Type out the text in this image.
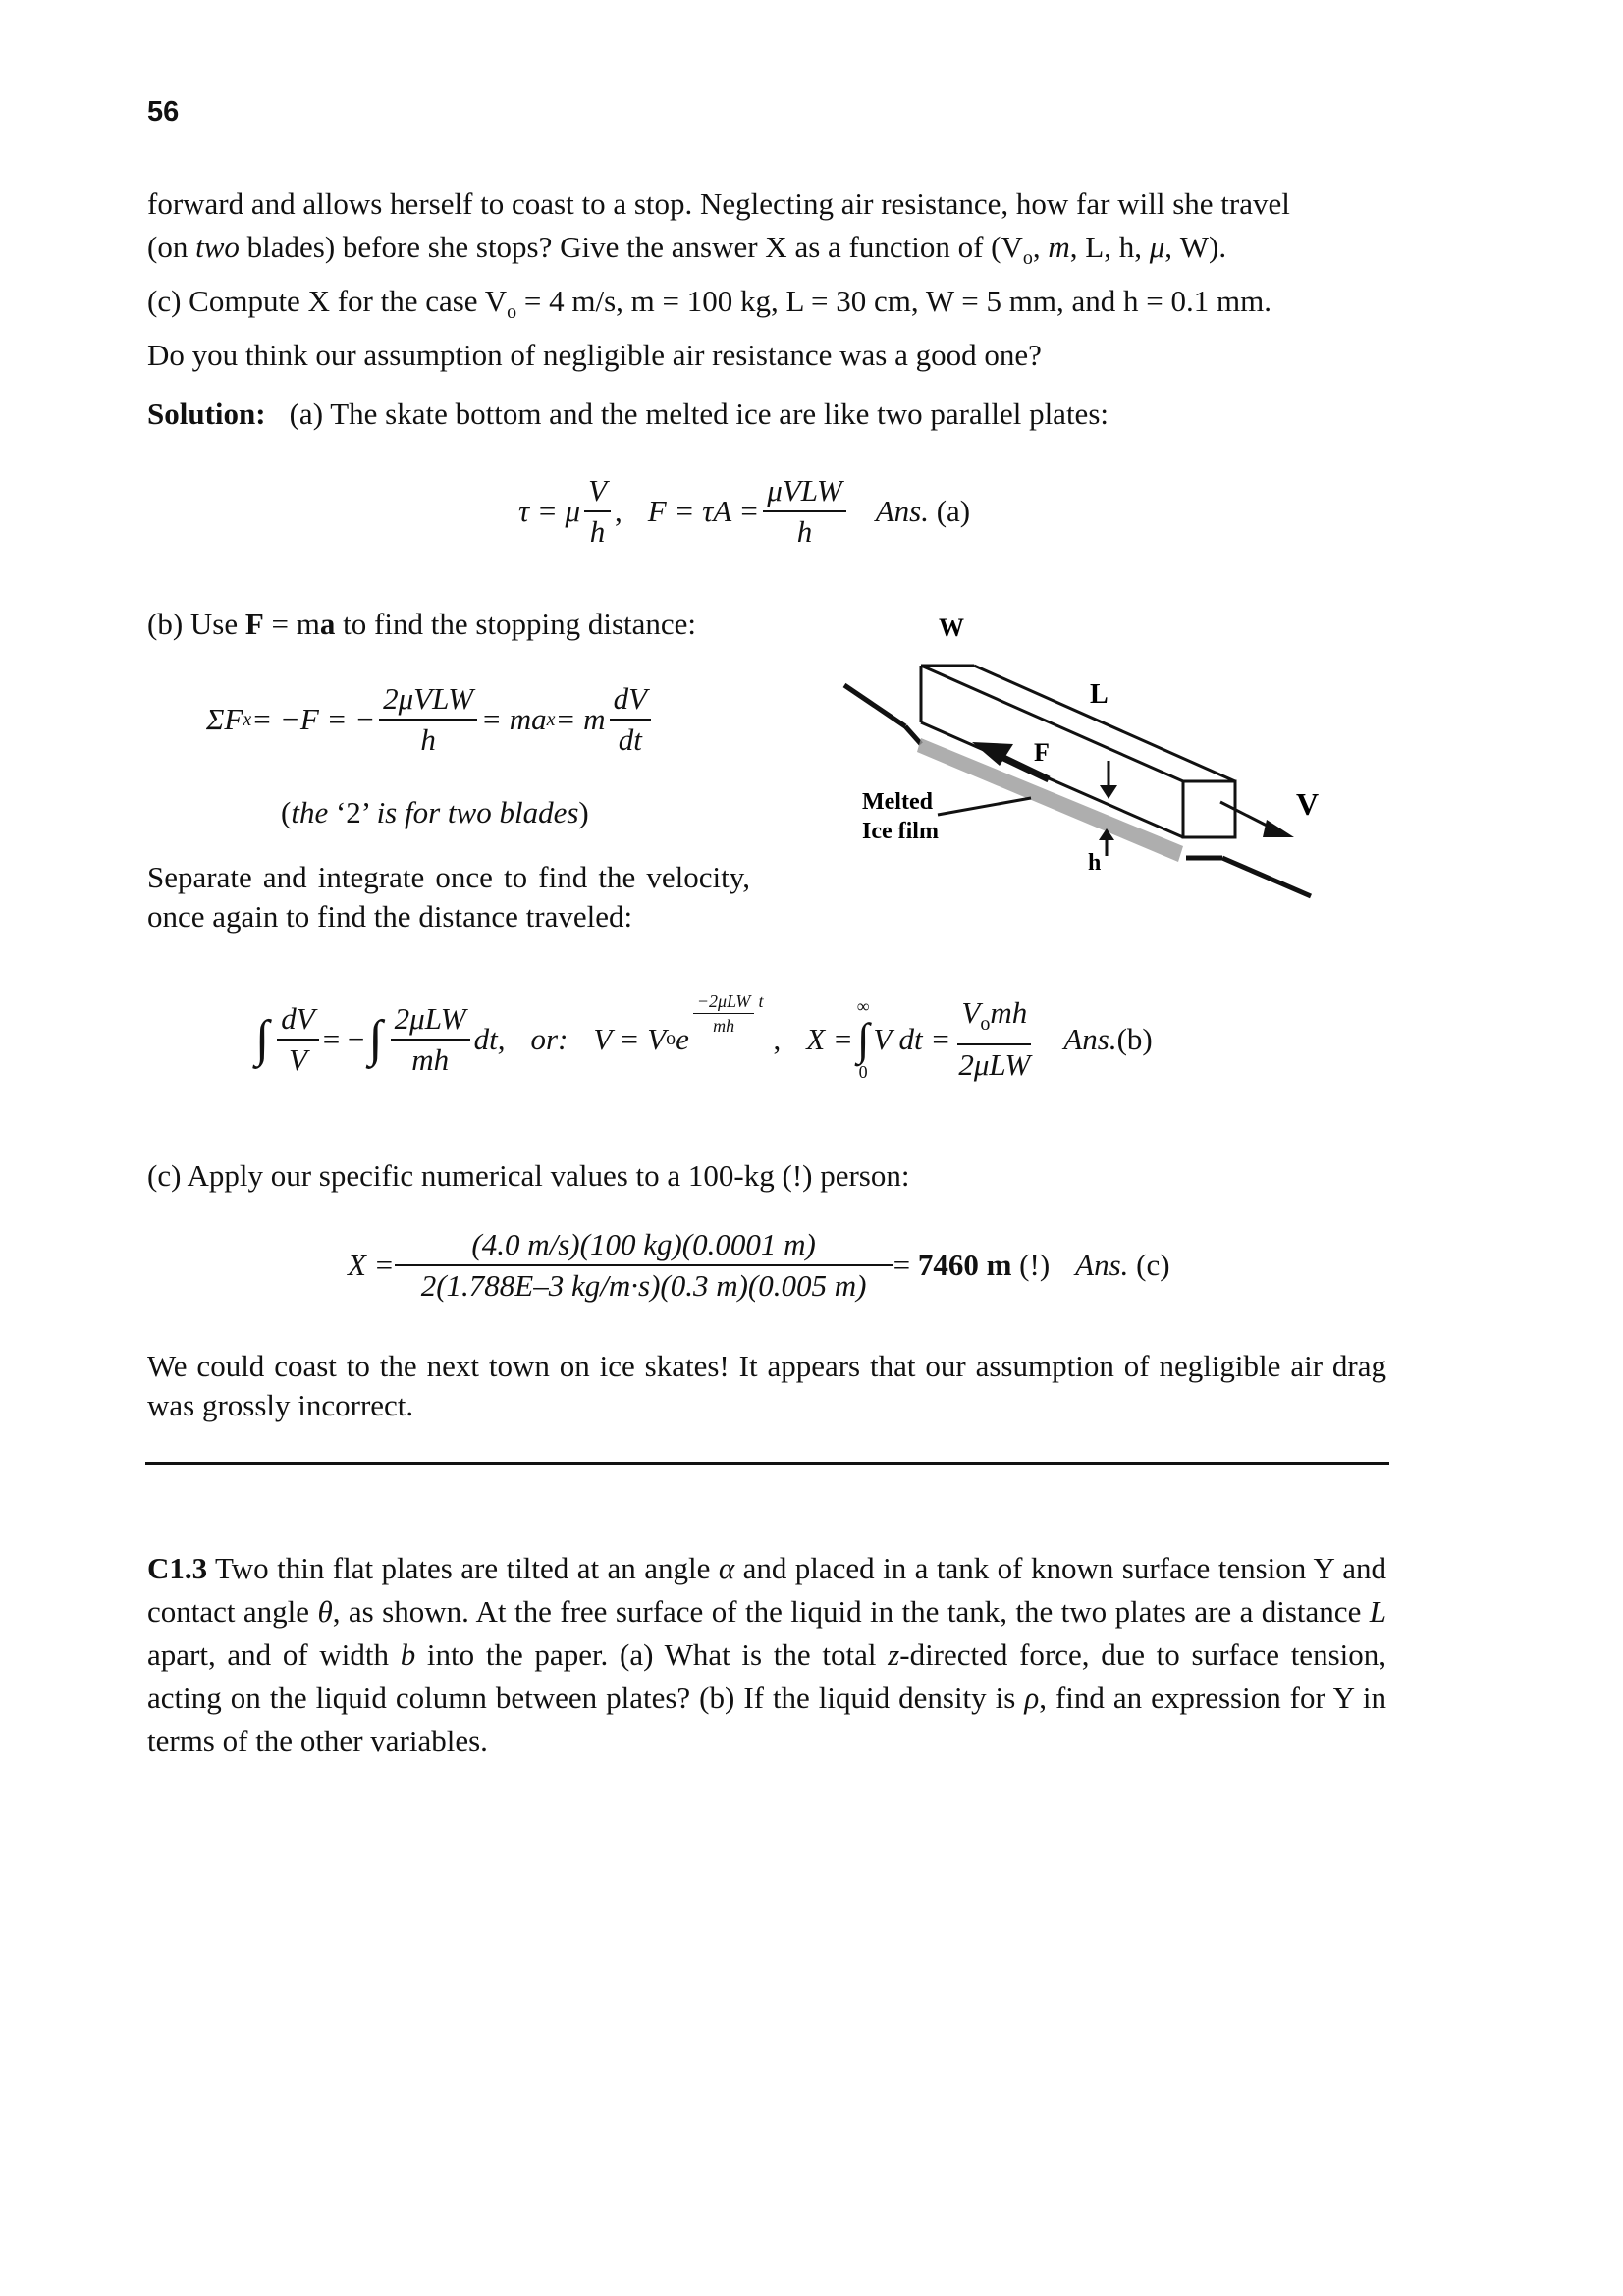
56

forward and allows herself to coast to a stop. Neglecting air resistance, how far will she travel

(on two blades) before she stops? Give the answer X as a function of ($V_o$, m, L, h, μ, W).

(c) Compute X for the case $V_o = 4$ m/s, m = 100 kg, L = 30 cm, W = 5 mm, and h = 0.1 mm.

Do you think our assumption of negligible air resistance was a good one?

Solution: (a) The skate bottom and the melted ice are like two parallel plates:
τ = μ $\frac{V}{h}$ , $F = \tau A = \frac{\text{μVLW}}{h}$ Ans.
(a)
(b) Use F = ma to find the stopping distance:
ΣF x = −F = − $\frac{\text{2μVLW}}{h}$ = ma x = m $\frac{dV}{dt}$
(the ‘2’ is for two blades)
Separate and integrate once to find the velocity, once again to find the distance traveled:
W
L
F
V
h
Melted
Ice film
∫ $\frac{dV}{V}$ = − ∫ $\frac{\text{2μLW}}{mh}$ dt, or: V = V o e
$\frac{\text{−2μLW}}{mh}$ t
, X =
∞
∫
0
V dt = $\frac{V_omh}{\text{2μLW}}$ Ans. (b)
(c) Apply our specific numerical values to a 100-kg (!) person:
$X = \frac{(4.0 m/s)(100 kg)(0.0001 m)}{2(1.788E-3 kg/m\cdot s)(0.3 m)(0.005 m)}$ =
7460 m
(!) Ans.
(c)
We could coast to the next town on ice skates! It appears that our assumption of negligible air drag was grossly incorrect.
C1.3 Two thin flat plates are tilted at an angle α and placed in a tank of known surface tension Y and contact angle θ, as shown. At the free surface of the liquid in the tank, the two plates are a distance L apart, and of width b into the paper. (a) What is the total z-directed force, due to surface tension, acting on the liquid column between plates? (b) If the liquid density is ρ, find an expression for Y in terms of the other variables.
